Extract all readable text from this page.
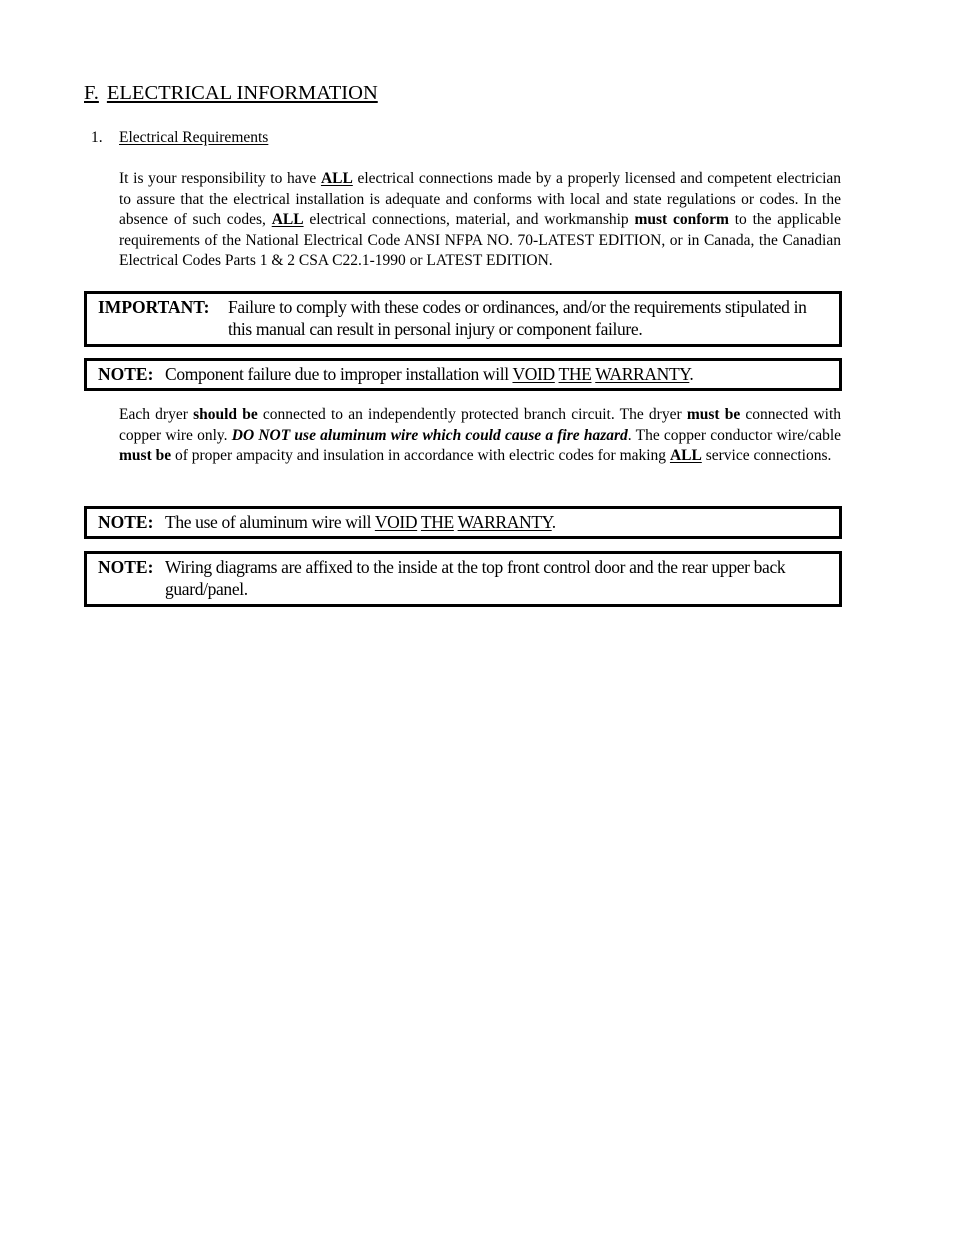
F. ELECTRICAL INFORMATION
1. Electrical Requirements

It is your responsibility to have ALL electrical connections made by a properly licensed and competent electrician to assure that the electrical installation is adequate and conforms with local and state regulations or codes. In the absence of such codes, ALL electrical connections, material, and workmanship must conform to the applicable requirements of the National Electrical Code ANSI NFPA NO. 70-LATEST EDITION, or in Canada, the Canadian Electrical Codes Parts 1 & 2 CSA C22.1-1990 or LATEST EDITION.

IMPORTANT: Failure to comply with these codes or ordinances, and/or the requirements stipulated in this manual can result in personal injury or component failure.
NOTE: Component failure due to improper installation will VOID THE WARRANTY.

Each dryer should be connected to an independently protected branch circuit. The dryer must be connected with copper wire only. DO NOT use aluminum wire which could cause a fire hazard. The copper conductor wire/cable must be of proper ampacity and insulation in accordance with electric codes for making ALL service connections.

NOTE: The use of aluminum wire will VOID THE WARRANTY.
NOTE: Wiring diagrams are affixed to the inside at the top front control door and the rear upper back guard/panel.
